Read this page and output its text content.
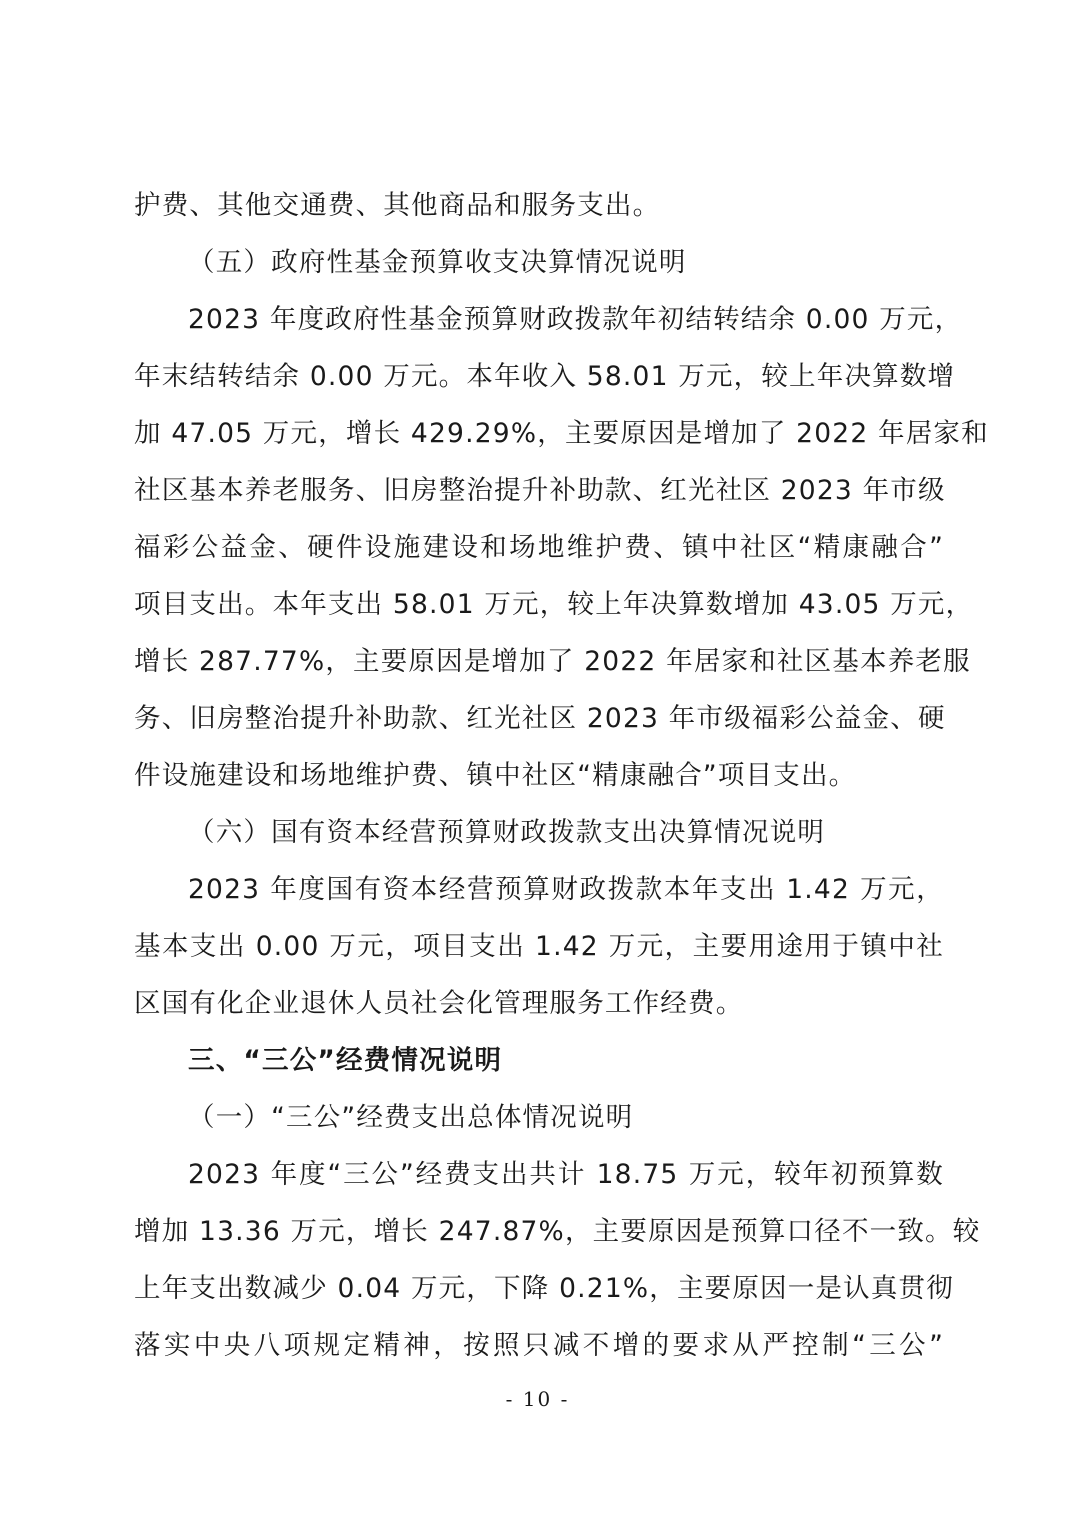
护费、其他交通费、其他商品和服务支出。
（五）政府性基金预算收支决算情况说明
2023 年度政府性基金预算财政拨款年初结转结余 0.00 万元，
年末结转结余 0.00 万元。本年收入 58.01 万元，较上年决算数增
加 47.05 万元，增长 429.29%，主要原因是增加了 2022 年居家和
社区基本养老服务、旧房整治提升补助款、红光社区 2023 年市级
福彩公益金、硬件设施建设和场地维护费、镇中社区“精康融合”
项目支出。本年支出 58.01 万元，较上年决算数增加 43.05 万元，
增长 287.77%，主要原因是增加了 2022 年居家和社区基本养老服
务、旧房整治提升补助款、红光社区 2023 年市级福彩公益金、硬
件设施建设和场地维护费、镇中社区“精康融合”项目支出。
（六）国有资本经营预算财政拨款支出决算情况说明
2023 年度国有资本经营预算财政拨款本年支出 1.42 万元，
基本支出 0.00 万元，项目支出 1.42 万元，主要用途用于镇中社
区国有化企业退休人员社会化管理服务工作经费。
三、“三公”经费情况说明
（一）“三公”经费支出总体情况说明
2023 年度“三公”经费支出共计 18.75 万元，较年初预算数
增加 13.36 万元，增长 247.87%，主要原因是预算口径不一致。较
上年支出数减少 0.04 万元，下降 0.21%，主要原因一是认真贯彻
落实中央八项规定精神，按照只减不增的要求从严控制“三公”
- 10 -
